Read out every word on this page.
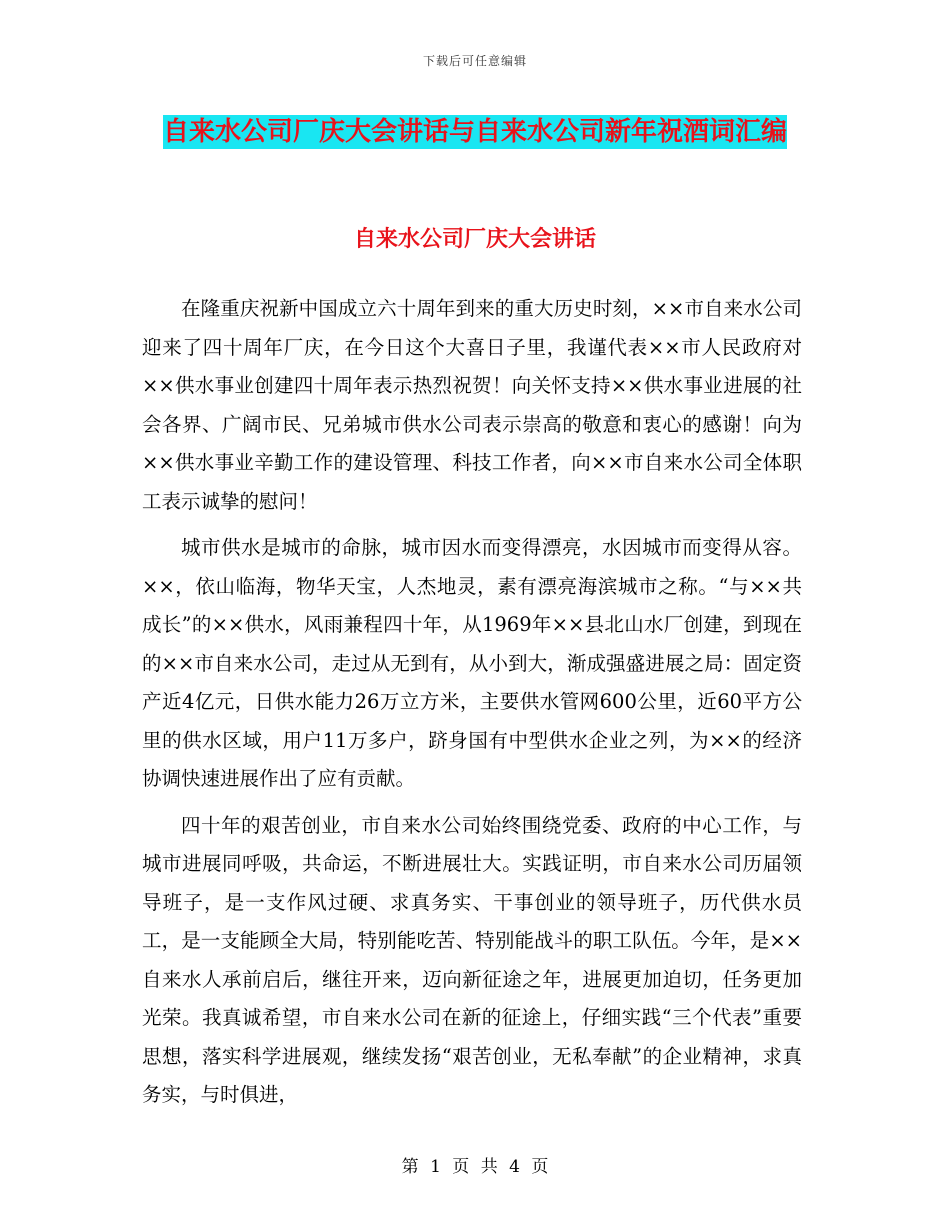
下载后可任意编辑
自来水公司厂庆大会讲话与自来水公司新年祝酒词汇编
自来水公司厂庆大会讲话

在隆重庆祝新中国成立六十周年到来的重大历史时刻，××市自来水公司迎来了四十周年厂庆，在今日这个大喜日子里，我谨代表××市人民政府对××供水事业创建四十周年表示热烈祝贺！向关怀支持××供水事业进展的社会各界、广阔市民、兄弟城市供水公司表示崇高的敬意和衷心的感谢！向为××供水事业辛勤工作的建设管理、科技工作者，向××市自来水公司全体职工表示诚挚的慰问！

城市供水是城市的命脉，城市因水而变得漂亮，水因城市而变得从容。××，依山临海，物华天宝，人杰地灵，素有漂亮海滨城市之称。“与××共成长”的××供水，风雨兼程四十年，从1969年××县北山水厂创建，到现在的××市自来水公司，走过从无到有，从小到大，渐成强盛进展之局：固定资产近4亿元，日供水能力26万立方米，主要供水管网600公里，近60平方公里的供水区域，用户11万多户，跻身国有中型供水企业之列，为××的经济协调快速进展作出了应有贡献。

四十年的艰苦创业，市自来水公司始终围绕党委、政府的中心工作，与城市进展同呼吸，共命运，不断进展壮大。实践证明，市自来水公司历届领导班子，是一支作风过硬、求真务实、干事创业的领导班子，历代供水员工，是一支能顾全大局，特别能吃苦、特别能战斗的职工队伍。今年，是××自来水人承前启后，继往开来，迈向新征途之年，进展更加迫切，任务更加光荣。我真诚希望，市自来水公司在新的征途上，仔细实践“三个代表”重要思想，落实科学进展观，继续发扬“艰苦创业，无私奉献”的企业精神，求真务实，与时俱进，

第 1 页 共 4 页
